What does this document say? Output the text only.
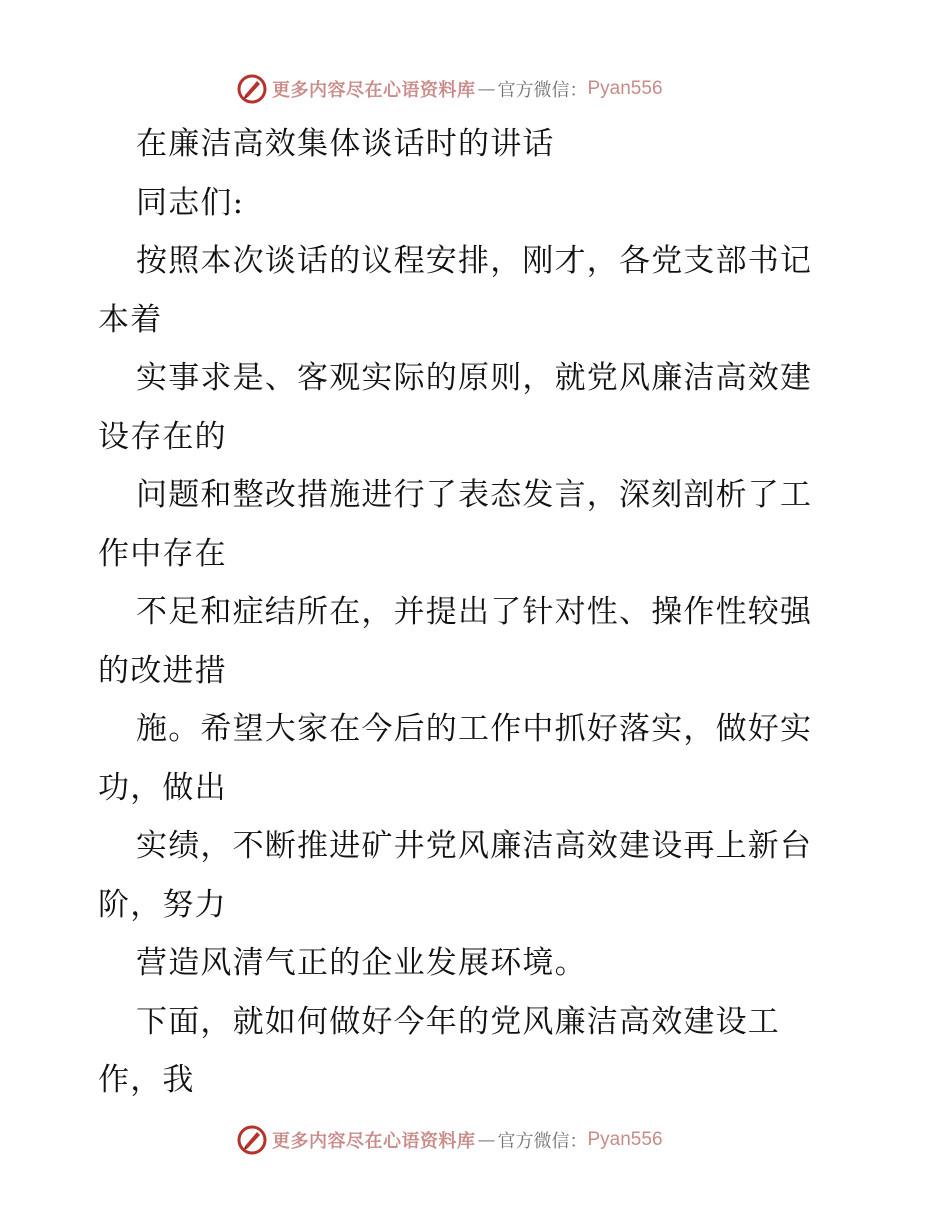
更多内容尽在心语资料库 — 官方微信： Pyan556
在廉洁高效集体谈话时的讲话
同志们:
按照本次谈话的议程安排，刚才，各党支部书记
本着
实事求是、客观实际的原则，就党风廉洁高效建
设存在的
问题和整改措施进行了表态发言，深刻剖析了工
作中存在
不足和症结所在，并提出了针对性、操作性较强
的改进措
施。希望大家在今后的工作中抓好落实，做好实
功，做出
实绩，不断推进矿井党风廉洁高效建设再上新台
阶，努力
营造风清气正的企业发展环境。
下面，就如何做好今年的党风廉洁高效建设工
作，我
更多内容尽在心语资料库 — 官方微信： Pyan556
